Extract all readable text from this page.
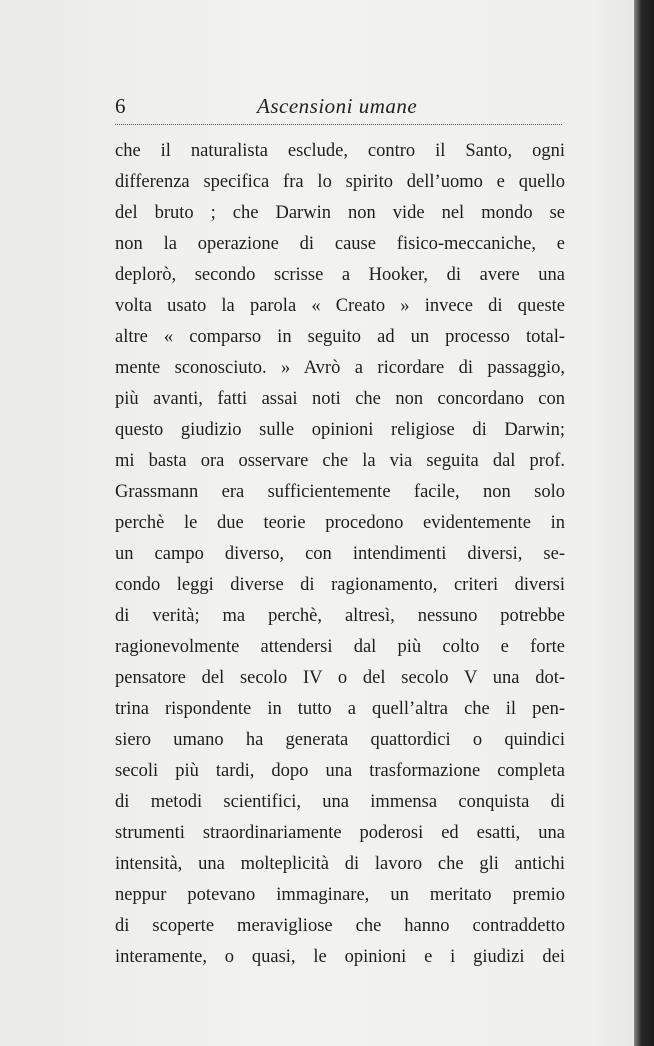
6	Ascensioni umane
che il naturalista esclude, contro il Santo, ogni
differenza specifica fra lo spirito dell’uomo e quello
del bruto ; che Darwin non vide nel mondo se
non la operazione di cause fisico-meccaniche, e
deplorò, secondo scrisse a Hooker, di avere una
volta usato la parola « Creato » invece di queste
altre « comparso in seguito ad un processo total-
mente sconosciuto. » Avrò a ricordare di passaggio,
più avanti, fatti assai noti che non concordano con
questo giudizio sulle opinioni religiose di Darwin;
mi basta ora osservare che la via seguita dal prof.
Grassmann era sufficientemente facile, non solo
perchè le due teorie procedono evidentemente in
un campo diverso, con intendimenti diversi, se-
condo leggi diverse di ragionamento, criteri diversi
di verità; ma perchè, altresì, nessuno potrebbe
ragionevolmente attendersi dal più colto e forte
pensatore del secolo IV o del secolo V una dot-
trina rispondente in tutto a quell’altra che il pen-
siero umano ha generata quattordici o quindici
secoli più tardi, dopo una trasformazione completa
di metodi scientifici, una immensa conquista di
strumenti straordinariamente poderosi ed esatti, una
intensità, una molteplicità di lavoro che gli antichi
neppur potevano immaginare, un meritato premio
di scoperte meravigliose che hanno contraddetto
interamente, o quasi, le opinioni e i giudizi dei
